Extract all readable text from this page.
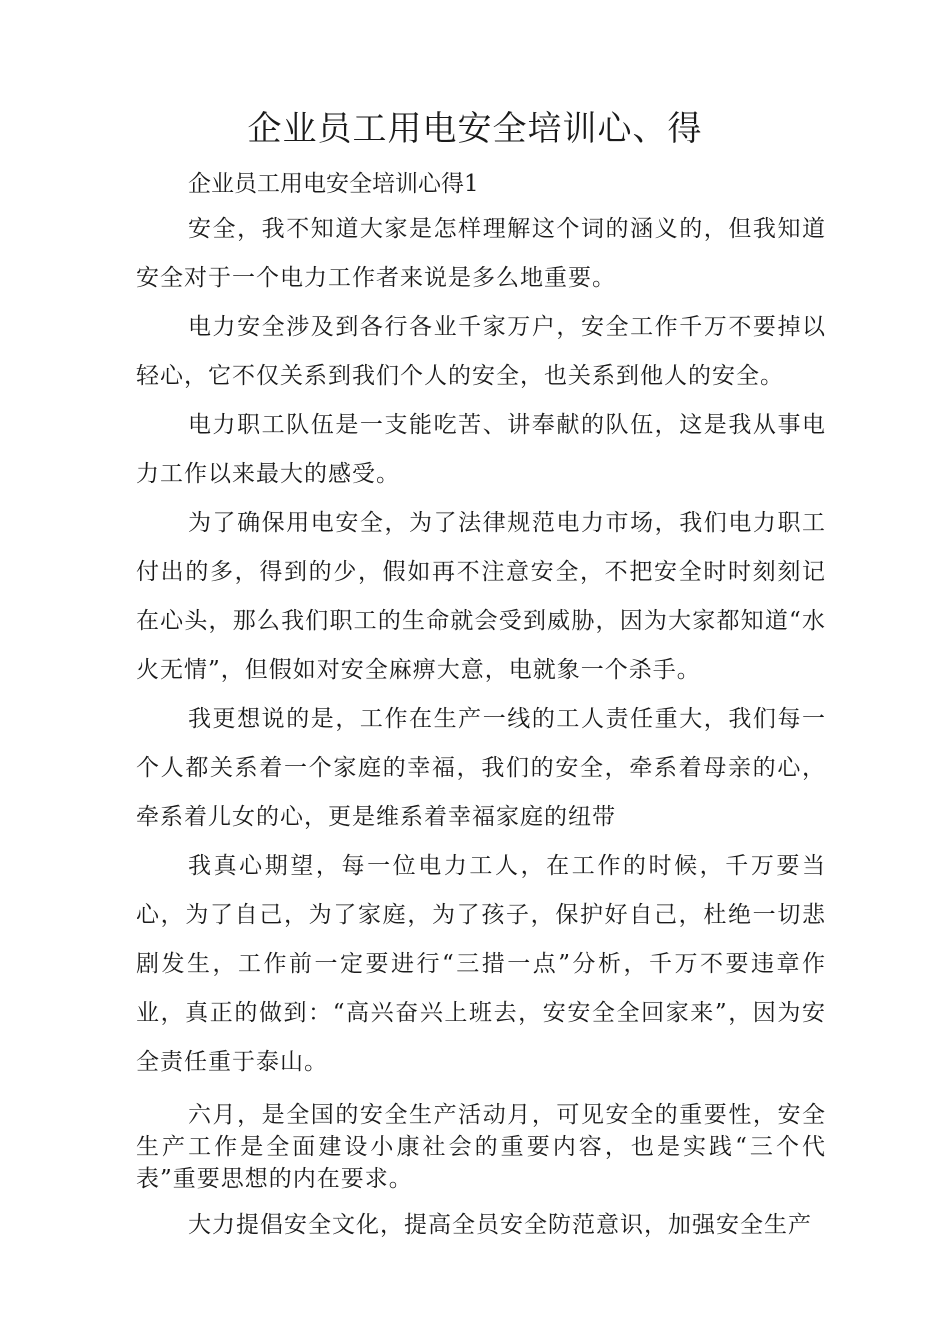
企业员工用电安全培训心、得

企业员工用电安全培训心得1

安全，我不知道大家是怎样理解这个词的涵义的，但我知道安全对于一个电力工作者来说是多么地重要。

电力安全涉及到各行各业千家万户，安全工作千万不要掉以轻心，它不仅关系到我们个人的安全，也关系到他人的安全。

电力职工队伍是一支能吃苦、讲奉献的队伍，这是我从事电力工作以来最大的感受。

为了确保用电安全，为了法律规范电力市场，我们电力职工付出的多，得到的少，假如再不注意安全，不把安全时时刻刻记在心头，那么我们职工的生命就会受到威胁，因为大家都知道“水火无情”，但假如对安全麻痹大意，电就象一个杀手。

我更想说的是，工作在生产一线的工人责任重大，我们每一个人都关系着一个家庭的幸福，我们的安全，牵系着母亲的心，牵系着儿女的心，更是维系着幸福家庭的纽带

我真心期望，每一位电力工人，在工作的时候，千万要当心，为了自己，为了家庭，为了孩子，保护好自己，杜绝一切悲剧发生，工作前一定要进行“三措一点”分析，千万不要违章作业，真正的做到：“高兴奋兴上班去，安安全全回家来”，因为安全责任重于泰山。

六月，是全国的安全生产活动月，可见安全的重要性，安全生产工作是全面建设小康社会的重要内容，也是实践“三个代表”重要思想的内在要求。

大力提倡安全文化，提高全员安全防范意识，加强安全生产
